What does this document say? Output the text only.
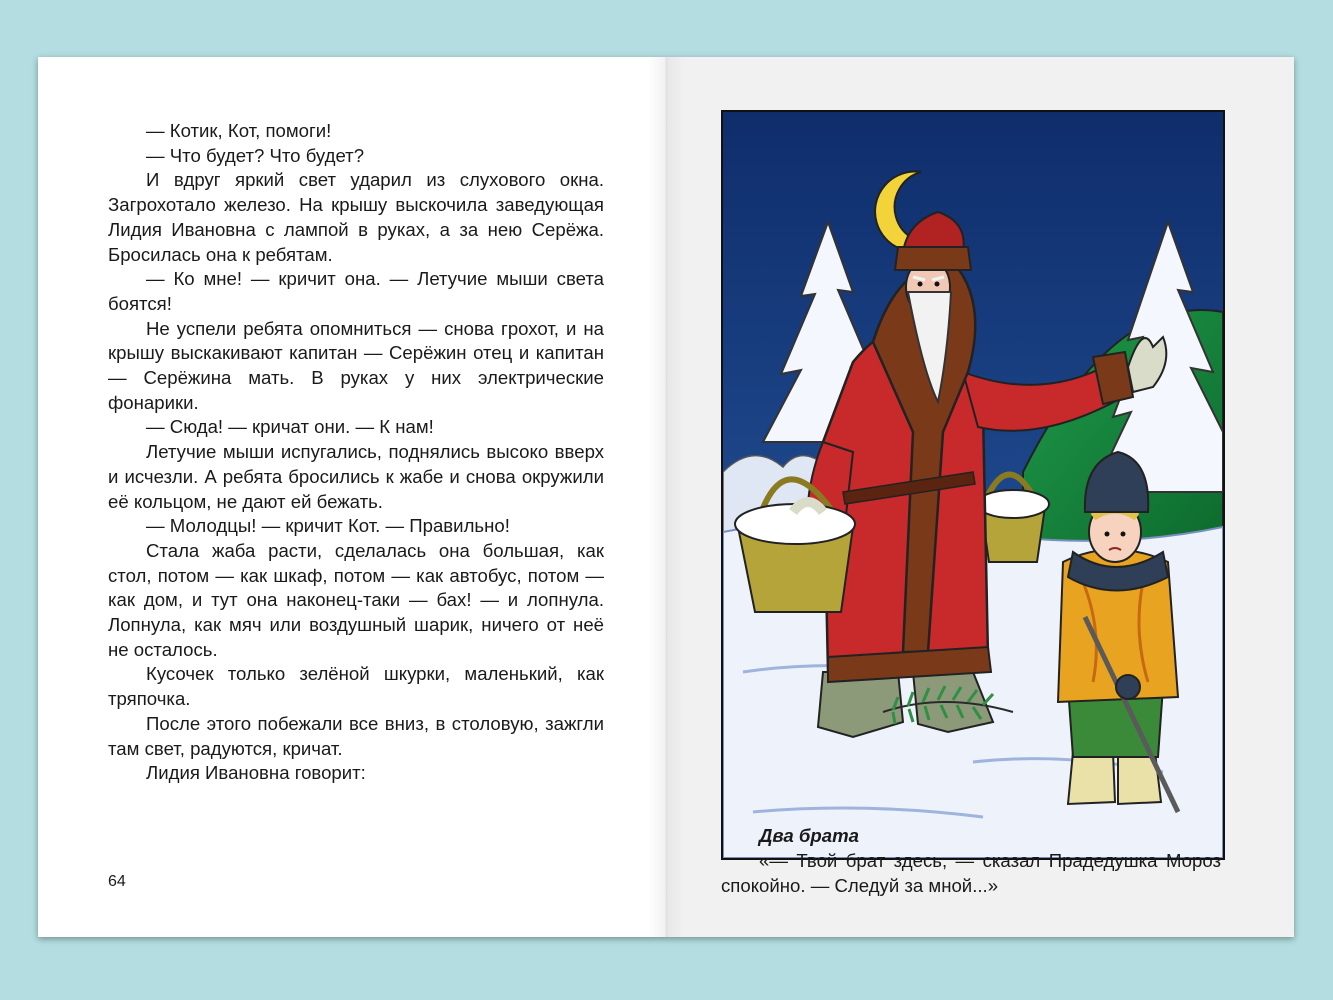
— Котик, Кот, помоги!

— Что будет? Что будет?

И вдруг яркий свет ударил из слухового окна. Загрохотало железо. На крышу выскочила заведующая Лидия Ивановна с лампой в руках, а за нею Серёжа. Бросилась она к ребятам.

— Ко мне! — кричит она. — Летучие мыши света боятся!

Не успели ребята опомниться — снова грохот, и на крышу выскакивают капитан — Серёжин отец и капитан — Серёжина мать. В руках у них электрические фонарики.

— Сюда! — кричат они. — К нам!

Летучие мыши испугались, поднялись высоко вверх и исчезли. А ребята бросились к жабе и снова окружили её кольцом, не дают ей бежать.

— Молодцы! — кричит Кот. — Правильно!

Стала жаба расти, сделалась она большая, как стол, потом — как шкаф, потом — как автобус, потом — как дом, и тут она наконец-таки — бах! — и лопнула. Лопнула, как мяч или воздушный шарик, ничего от неё не осталось.

Кусочек только зелёной шкурки, маленький, как тряпочка.

После этого побежали все вниз, в столовую, зажгли там свет, радуются, кричат.

Лидия Ивановна говорит:

64
Два брата
«— Твой брат здесь, — сказал Прадедушка Мороз спокойно. — Следуй за мной...»
